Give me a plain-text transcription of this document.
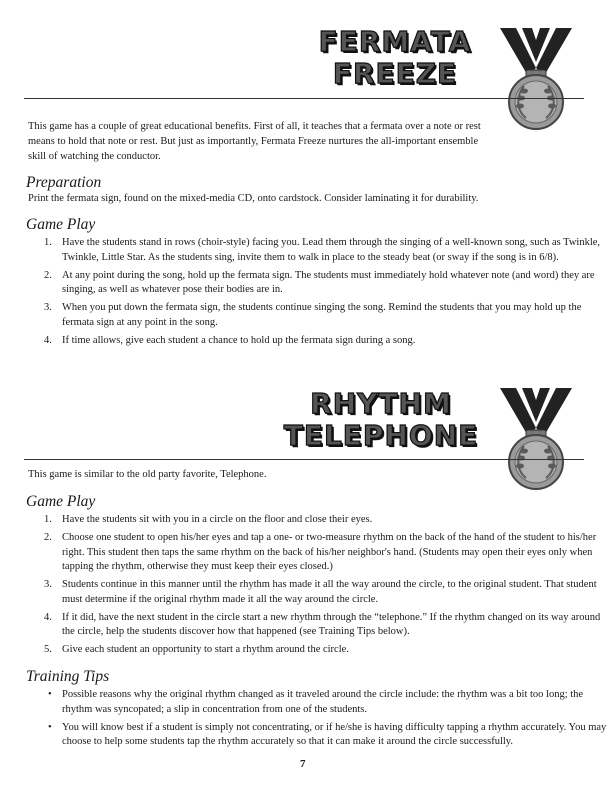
FERMATA
FREEZE

This game has a couple of great educational benefits. First of all, it teaches that a fermata over a note or rest means to hold that note or rest. But just as importantly, Fermata Freeze nurtures the all-important ensemble skill of watching the conductor.

Preparation

Print the fermata sign, found on the mixed-media CD, onto cardstock. Consider laminating it for durability.

Game Play
1. Have the students stand in rows (choir-style) facing you. Lead them through the singing of a well-known song, such as Twinkle, Twinkle, Little Star. As the students sing, invite them to walk in place to the steady beat (or sway if the song is in 6/8).
2. At any point during the song, hold up the fermata sign. The students must immediately hold whatever note (and word) they are singing, as well as whatever pose their bodies are in.
3. When you put down the fermata sign, the students continue singing the song. Remind the students that you may hold up the fermata sign at any point in the song.
4. If time allows, give each student a chance to hold up the fermata sign during a song.
RHYTHM
TELEPHONE

This game is similar to the old party favorite, Telephone.

Game Play
1. Have the students sit with you in a circle on the floor and close their eyes.
2. Choose one student to open his/her eyes and tap a one- or two-measure rhythm on the back of the hand of the student to his/her right. This student then taps the same rhythm on the back of his/her neighbor's hand. (Students may open their eyes only when tapping the rhythm, otherwise they must keep their eyes closed.)
3. Students continue in this manner until the rhythm has made it all the way around the circle, to the original student. That student must determine if the original rhythm made it all the way around the circle.
4. If it did, have the next student in the circle start a new rhythm through the “telephone.” If the rhythm changed on its way around the circle, help the students discover how that happened (see Training Tips below).
5. Give each student an opportunity to start a rhythm around the circle.
Training Tips
• Possible reasons why the original rhythm changed as it traveled around the circle include: the rhythm was a bit too long; the rhythm was syncopated; a slip in concentration from one of the students.
• You will know best if a student is simply not concentrating, or if he/she is having difficulty tapping a rhythm accurately. You may choose to help some students tap the rhythm accurately so that it can make it around the circle successfully.
7
